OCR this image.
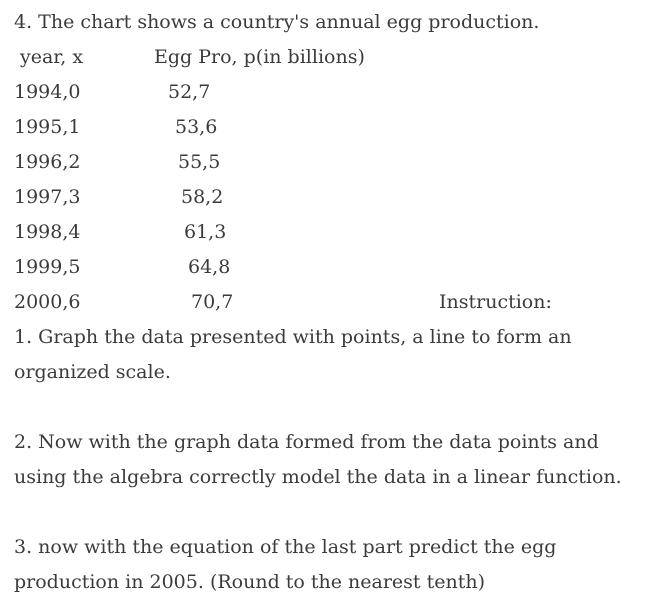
4. The chart shows a country's annual egg production.
year, x	Egg Pro, p(in billions)
1994,0	52,7
1995,1	53,6
1996,2	55,5
1997,3	58,2
1998,4	61,3
1999,5	64,8
2000,6	70,7	Instruction:
1. Graph the data presented with points, a line to form an
organized scale.
2. Now with the graph data formed from the data points and
using the algebra correctly model the data in a linear function.
3. now with the equation of the last part predict the egg
production in 2005. (Round to the nearest tenth)
